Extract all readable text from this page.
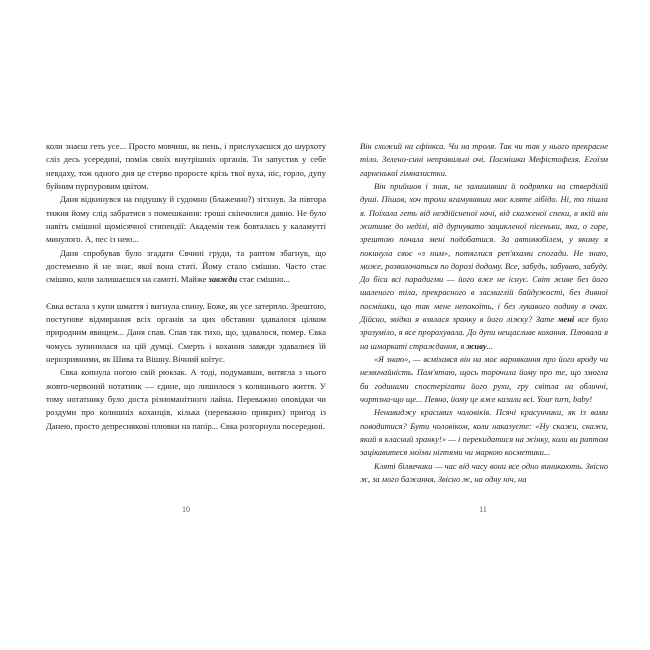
коли знаєш геть усе... Просто мовчиш, як пень, і прислухаєшся до шурхоту сліз десь усередині, поміж своїх внутрішніх органів. Ти запустив у себе невдаху, тож одного дня це стерво проросте крізь твої вуха, ніс, горло, дупу буйним пурпуровим цвітом.

Даня відкинувся на подушку й судомно (блаженно?) зітхнув. За півтора тижня йому слід забратися з помешкання: гроші скінчилися давно. Не було навіть смішної щомісячної стипендії: Академія теж бовталась у каламутті минулого. А, пес із нею...

Даня спробував було згадати Євчині груди, та раптом збагнув, що достеменно й не знає, якої вона статі. Йому стало смішно. Часто стає смішно, коли залишаєшся на самоті. Майже завжди стає смішно...

Євка встала з купи шмаття і вигнула спину. Боже, як усе затерпло. Зрештою, поступове відмирання всіх органів за цих обставин здавалося цілком природним явищем... Даня спав. Спав так тихо, що, здавалося, помер. Євка чомусь зупинилася на цій думці. Смерть і кохання завжди здавалися їй нерозривними, як Шива та Вішну. Вічний коїтус.

Євка копнула ногою свій рюкзак. А тоді, подумавши, витягла з нього жовто-червоний нотатник — єдине, що лишилося з колишнього життя. У тому нотатнику було доста різноманітного лайна. Переважно оповідки чи роздуми про колишніх коханців, кілька (переважно прикрих) пригод із Данею, просто депресиякові плювки на папір... Євка розгорнула посередині.

Він схожий на сфінкса. Чи на троля. Так чи так у нього прекрасне тіло. Зелено-сині неправильні очі. Посмішка Мефістофеля. Егоїзм гарненької гімназистки.

Він прийшов і зник, не залишивши й подряпки на ствердiлій душі. Пішов, хоч трохи вгамувавши моє кляте лібідо. Ні, то пішла я. Поїхала геть від нездійсненої ночі, від скаженої спеки, в якій він житиме до неділі, від дурнувато зацикленої пісеньки, яка, о горе, зрештою почала мені подобатися. За автомобілем, у якому я покинула своє «з ним», потяглися реп'яхами спогади. Не знаю, може, розволочаться по дорозі додому. Все, забудь, забуваю, забуду. До біса всі парадигми — його вже не існує. Світ живе без його шаленого тіла, прекрасного в засмаглій байдужості, без дивної посмішки, що так мене непокоїть, і без лукавого подиву в очах. Дійсно, звідки я взялася зранку в його ліжку? Зате мені все було зрозуміло, я все прорахувала. До дупи нещасливе кохання. Плювала я на шмаркаті страждання, я живу...

«Я знаю», — всміхався він на моє варнякання про його вроду чи незвичайність. Пам'ятаю, щось торочила йому про те, що змогла би годинами спостерігати його рухи, гру світла на обличчі, чортзна-що ще... Певно, йому це вже казали всі. Your turn, baby!

Ненавиджу красивих чоловіків. Псячі красунчики, як із вами поводитися? Бути чоловіком, коли наказуєте: «Ну скажи, скажи, який я класний зранку!» — і перекидатися на жінку, коли ви раптом зацікавитеся моїми нігтями чи маркою косметики...

Кляті біляечики — час від часу вони все одно виникають. Звісно ж, за мого бажання. Звісно ж, на одну ніч, на

10	11
